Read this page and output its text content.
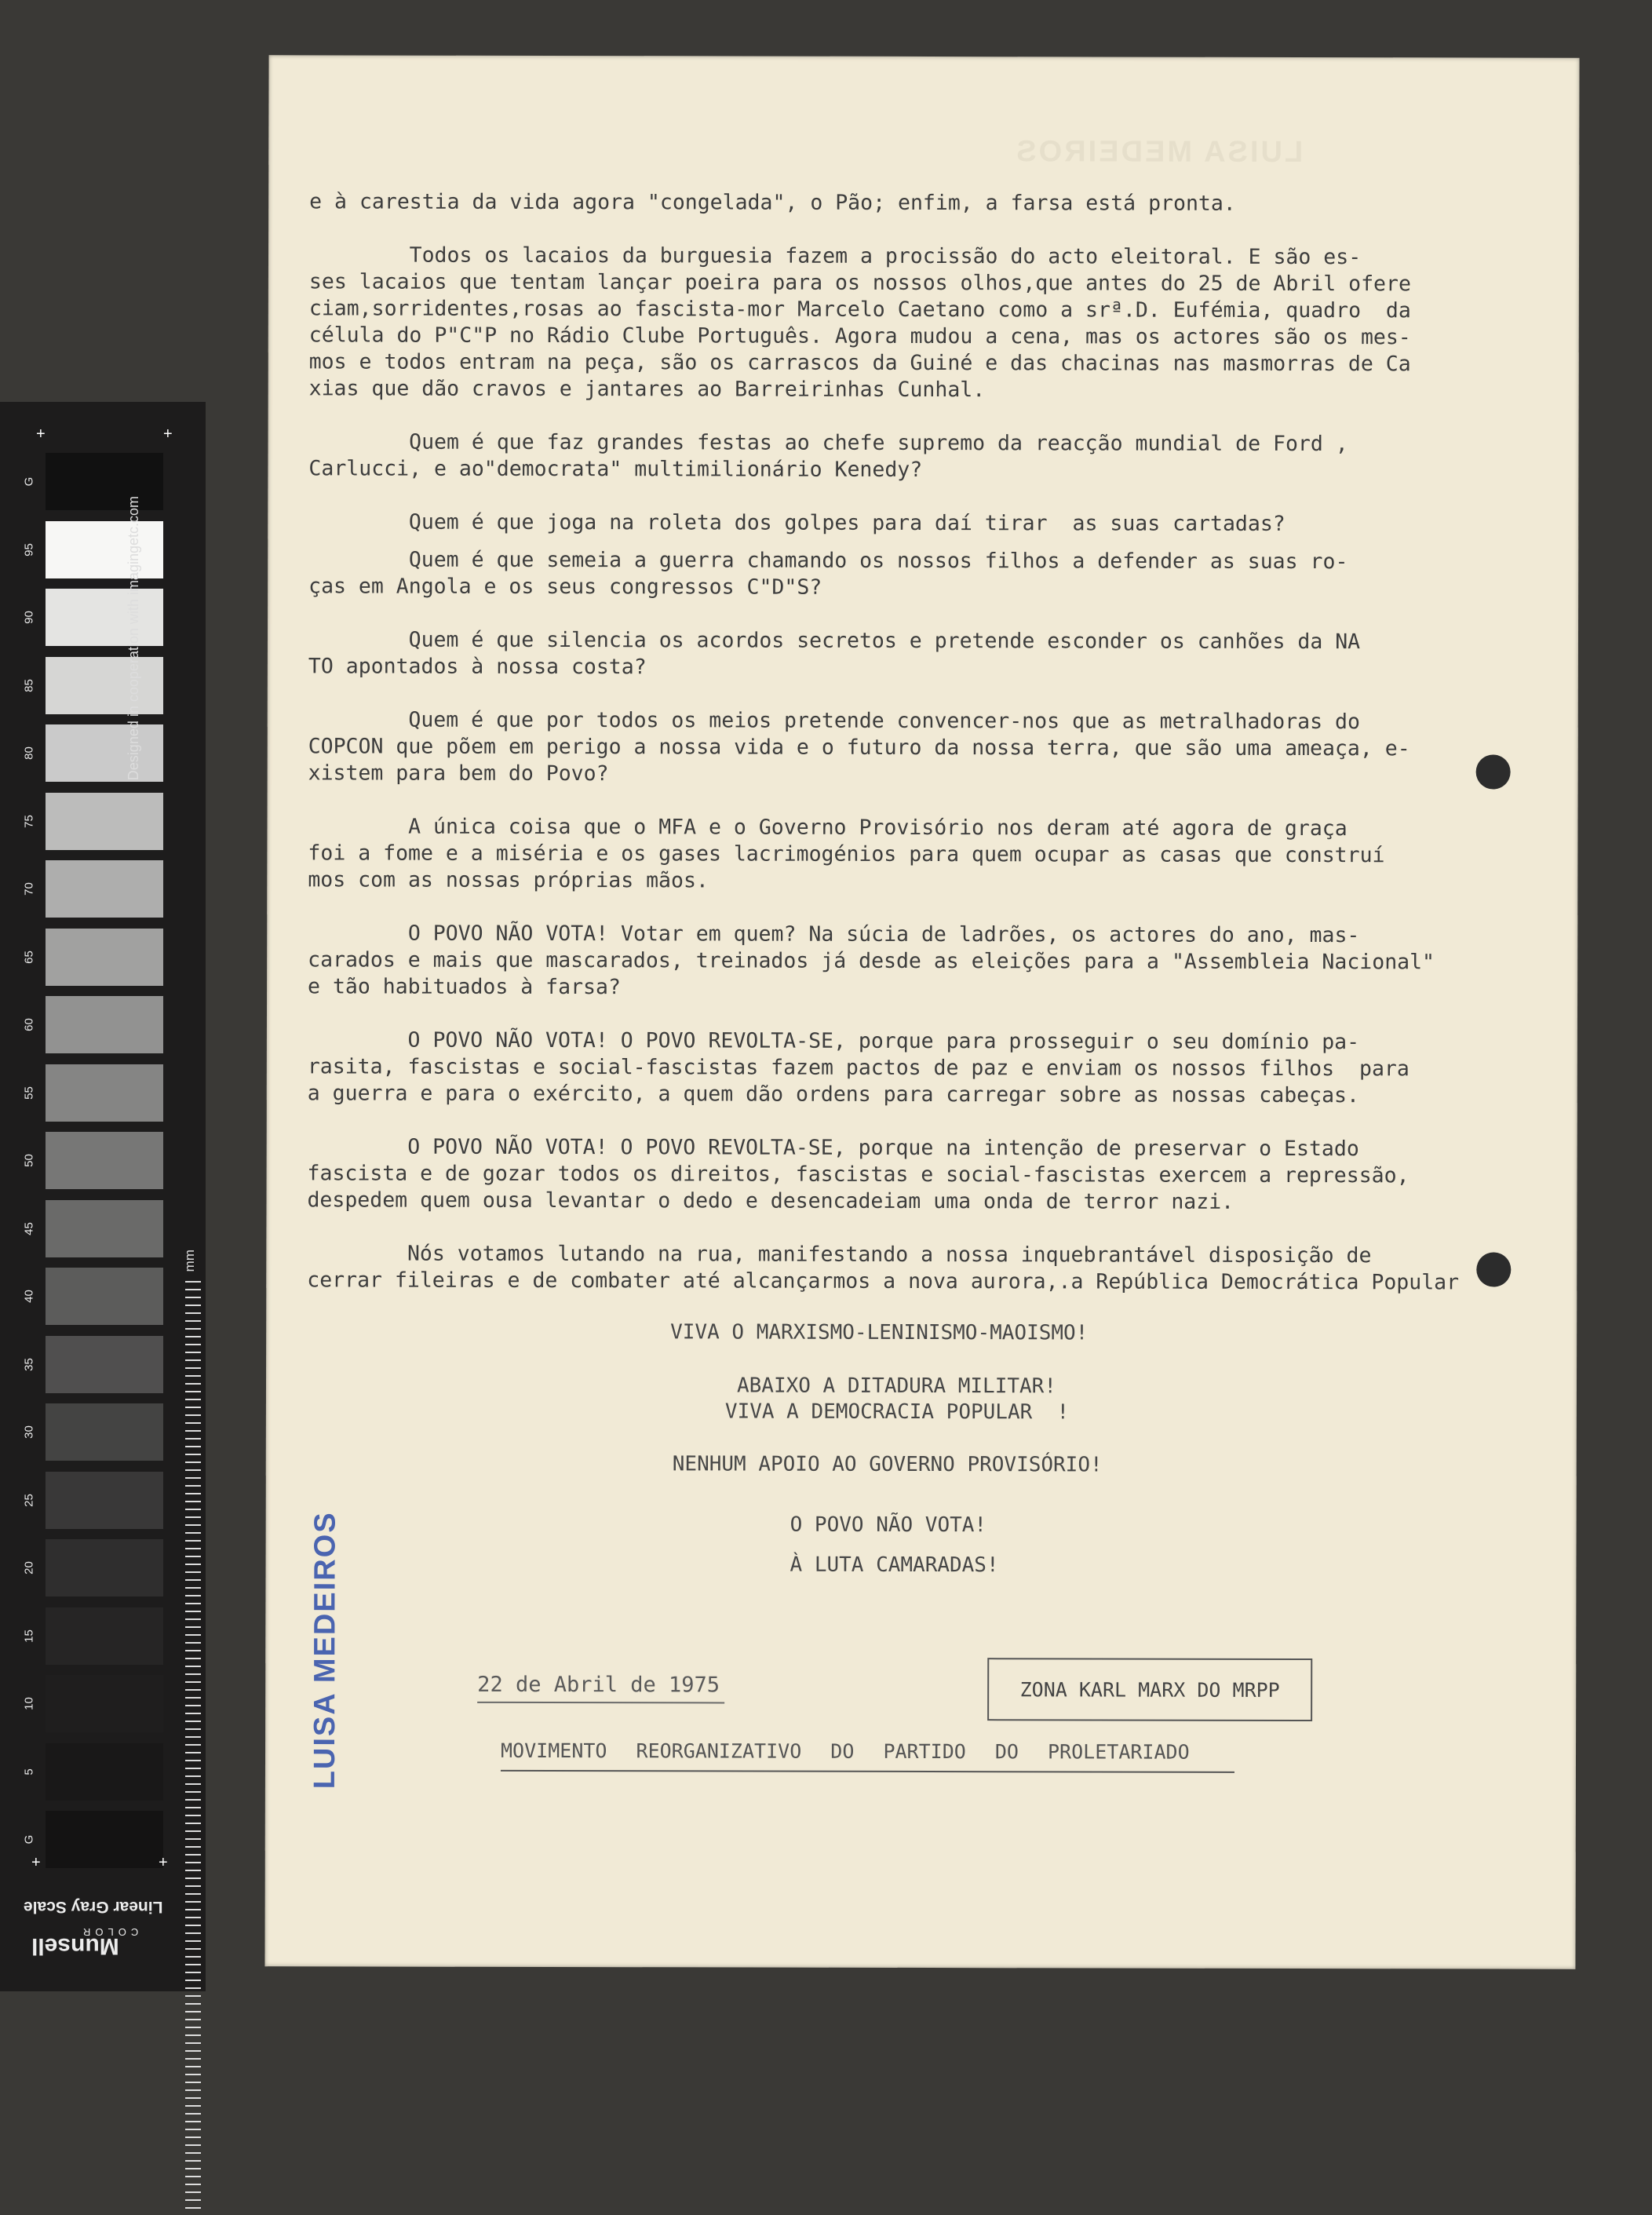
+	+
G
95
90
85
80
75
70
65
60
55
50
45
40
35
30
25
20
15
10
5
G
Designed in cooperation with imagingetc.com
mm
+	+
Linear Gray Scale
COLOR
Munsell
LUISA MEDEIROS

e à carestia da vida agora "congelada", o Pão; enfim, a farsa está pronta.

Todos os lacaios da burguesia fazem a procissão do acto eleitoral. E são es-
ses lacaios que tentam lançar poeira para os nossos olhos,que antes do 25 de Abril ofere
ciam,sorridentes,rosas ao fascista-mor Marcelo Caetano como a srª.D. Eufémia, quadro  da
célula do P"C"P no Rádio Clube Português. Agora mudou a cena, mas os actores são os mes-
mos e todos entram na peça, são os carrascos da Guiné e das chacinas nas masmorras de Ca
xias que dão cravos e jantares ao Barreirinhas Cunhal.

Quem é que faz grandes festas ao chefe supremo da reacção mundial de Ford ,
Carlucci, e ao"democrata" multimilionário Kenedy?

Quem é que joga na roleta dos golpes para daí tirar  as suas cartadas?

Quem é que semeia a guerra chamando os nossos filhos a defender as suas ro-
ças em Angola e os seus congressos C"D"S?

Quem é que silencia os acordos secretos e pretende esconder os canhões da NA
TO apontados à nossa costa?

Quem é que por todos os meios pretende convencer-nos que as metralhadoras do
COPCON que põem em perigo a nossa vida e o futuro da nossa terra, que são uma ameaça, e-
xistem para bem do Povo?

A única coisa que o MFA e o Governo Provisório nos deram até agora de graça
foi a fome e a miséria e os gases lacrimogénios para quem ocupar as casas que construí
mos com as nossas próprias mãos.

O POVO NÃO VOTA! Votar em quem? Na súcia de ladrões, os actores do ano, mas-
carados e mais que mascarados, treinados já desde as eleições para a "Assembleia Nacional"
e tão habituados à farsa?

O POVO NÃO VOTA! O POVO REVOLTA-SE, porque para prosseguir o seu domínio pa-
rasita, fascistas e social-fascistas fazem pactos de paz e enviam os nossos filhos  para
a guerra e para o exército, a quem dão ordens para carregar sobre as nossas cabeças.

O POVO NÃO VOTA! O POVO REVOLTA-SE, porque na intenção de preservar o Estado
fascista e de gozar todos os direitos, fascistas e social-fascistas exercem a repressão,
despedem quem ousa levantar o dedo e desencadeiam uma onda de terror nazi.

Nós votamos lutando na rua, manifestando a nossa inquebrantável disposição de
cerrar fileiras e de combater até alcançarmos a nova aurora,.a República Democrática Popular

VIVA O MARXISMO-LENINISMO-MAOISMO!
ABAIXO A DITADURA MILITAR!
VIVA A DEMOCRACIA POPULAR  !
NENHUM APOIO AO GOVERNO PROVISÓRIO!
O POVO NÃO VOTA!
À LUTA CAMARADAS!
22 de Abril de 1975	ZONA KARL MARX DO MRPP
MOVIMENTO REORGANIZATIVO DO PARTIDO DO PROLETARIADO
LUISA MEDEIROS
